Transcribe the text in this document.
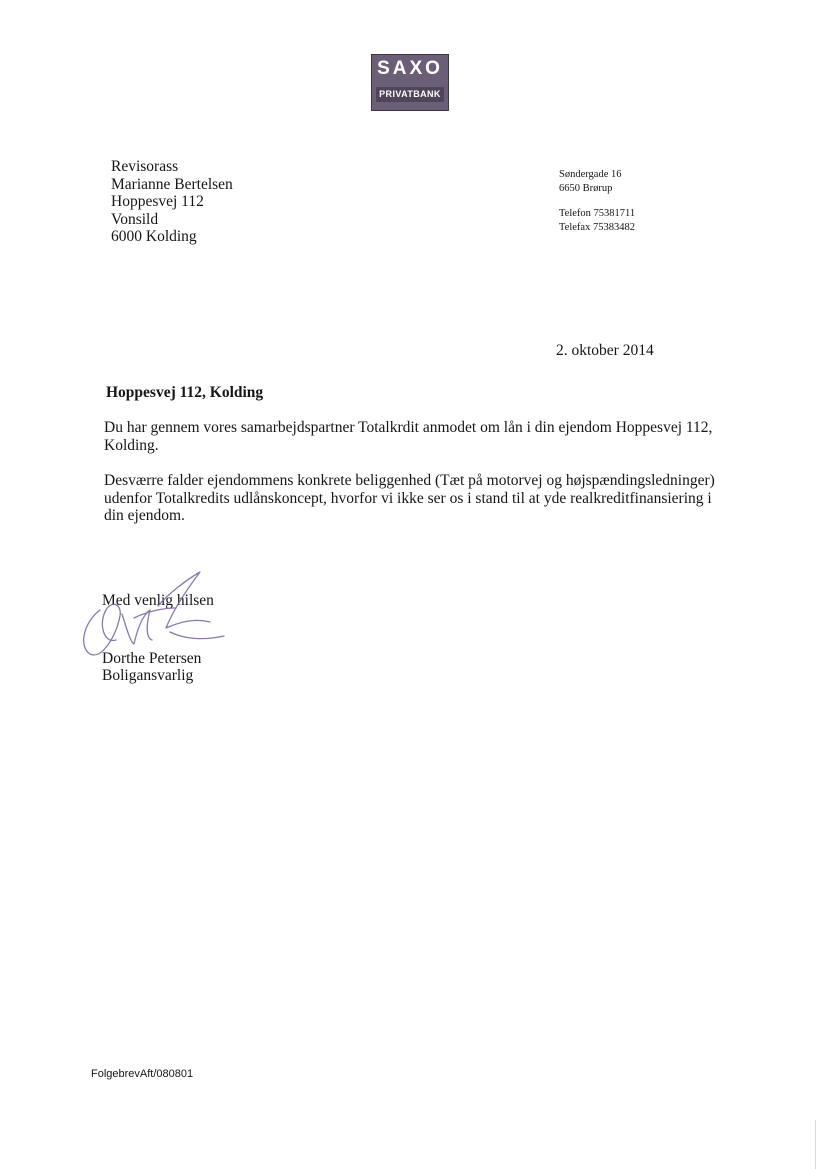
SAXO
PRIVATBANK
Revisorass
Marianne Bertelsen
Hoppesvej 112
Vonsild
6000 Kolding
Søndergade 16
6650 Brørup
Telefon 75381711
Telefax 75383482
2. oktober 2014
Hoppesvej 112, Kolding
Du har gennem vores samarbejdspartner Totalkrdit anmodet om lån i din ejendom Hoppesvej 112,
Kolding.
Desværre falder ejendommens konkrete beliggenhed (Tæt på motorvej og højspændingsledninger)
udenfor Totalkredits udlånskoncept, hvorfor vi ikke ser os i stand til at yde realkreditfinansiering i
din ejendom.
Med venlig hilsen
Dorthe Petersen
Boligansvarlig
FolgebrevAft/080801
